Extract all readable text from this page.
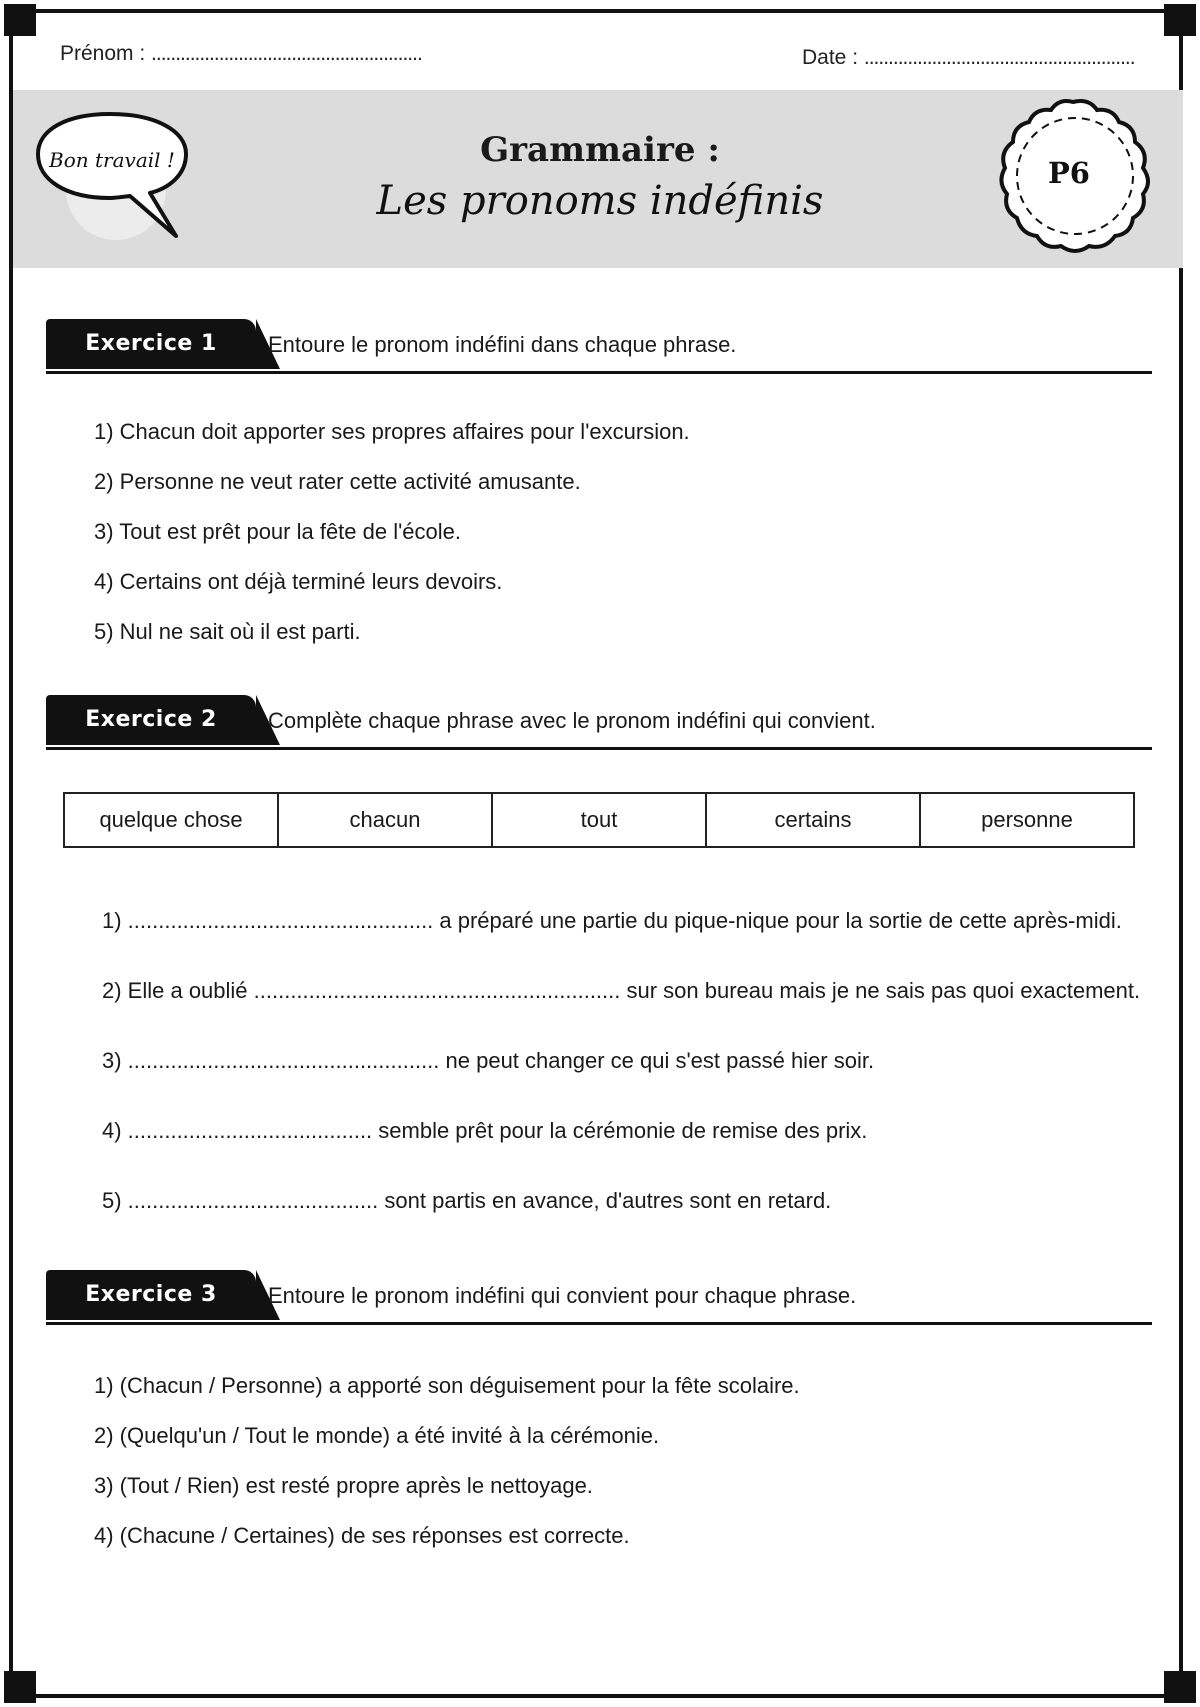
Prénom : ........................................................	Date : ........................................................
Bon travail !	Grammaire :
Les pronoms indéfinis
P6
Exercice 1	Entoure le pronom indéfini dans chaque phrase.
1) Chacun doit apporter ses propres affaires pour l'excursion.
2) Personne ne veut rater cette activité amusante.
3) Tout est prêt pour la fête de l'école.
4) Certains ont déjà terminé leurs devoirs.
5) Nul ne sait où il est parti.
Exercice 2	Complète chaque phrase avec le pronom indéfini qui convient.
quelque chose	chacun	tout	certains	personne
1) .................................................. a préparé une partie du pique-nique pour la sortie de cette après-midi.
2) Elle a oublié ............................................................ sur son bureau mais je ne sais pas quoi exactement.
3) ................................................... ne peut changer ce qui s'est passé hier soir.
4) ........................................ semble prêt pour la cérémonie de remise des prix.
5) ......................................... sont partis en avance, d'autres sont en retard.
Exercice 3	Entoure le pronom indéfini qui convient pour chaque phrase.
1) (Chacun / Personne) a apporté son déguisement pour la fête scolaire.
2) (Quelqu'un / Tout le monde) a été invité à la cérémonie.
3) (Tout / Rien) est resté propre après le nettoyage.
4) (Chacune / Certaines) de ses réponses est correcte.
